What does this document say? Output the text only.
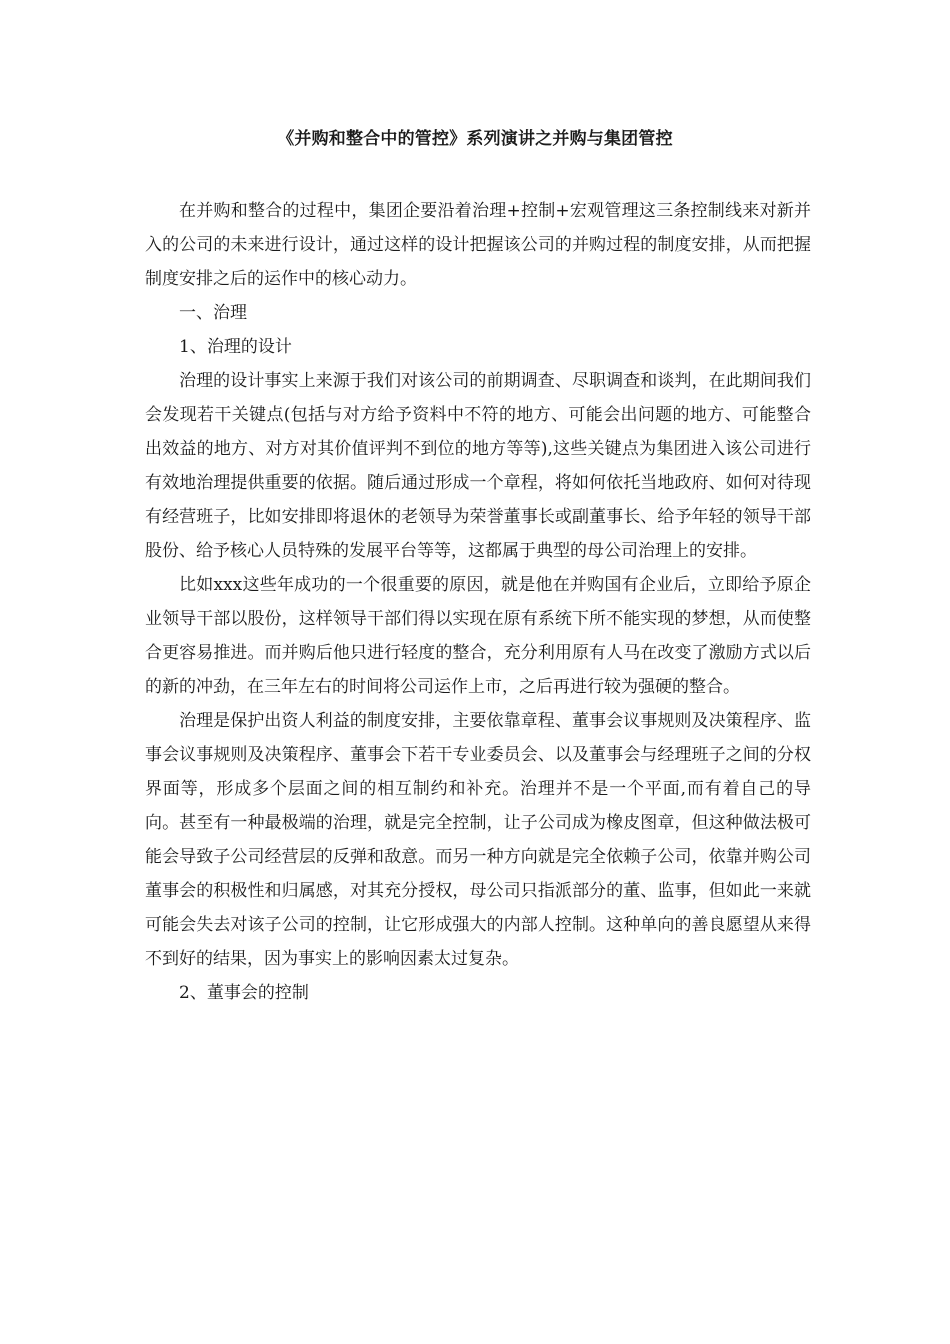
《并购和整合中的管控》系列演讲之并购与集团管控

在并购和整合的过程中，集团企要沿着治理+控制+宏观管理这三条控制线来对新并入的公司的未来进行设计，通过这样的设计把握该公司的并购过程的制度安排，从而把握制度安排之后的运作中的核心动力。

一、治理

1、治理的设计

治理的设计事实上来源于我们对该公司的前期调查、尽职调查和谈判，在此期间我们会发现若干关键点(包括与对方给予资料中不符的地方、可能会出问题的地方、可能整合出效益的地方、对方对其价值评判不到位的地方等等),这些关键点为集团进入该公司进行有效地治理提供重要的依据。随后通过形成一个章程，将如何依托当地政府、如何对待现有经营班子，比如安排即将退休的老领导为荣誉董事长或副董事长、给予年轻的领导干部股份、给予核心人员特殊的发展平台等等，这都属于典型的母公司治理上的安排。

比如xxx这些年成功的一个很重要的原因，就是他在并购国有企业后，立即给予原企业领导干部以股份，这样领导干部们得以实现在原有系统下所不能实现的梦想，从而使整合更容易推进。而并购后他只进行轻度的整合，充分利用原有人马在改变了激励方式以后的新的冲劲，在三年左右的时间将公司运作上市，之后再进行较为强硬的整合。

治理是保护出资人利益的制度安排，主要依靠章程、董事会议事规则及决策程序、监事会议事规则及决策程序、董事会下若干专业委员会、以及董事会与经理班子之间的分权界面等，形成多个层面之间的相互制约和补充。治理并不是一个平面,而有着自己的导向。甚至有一种最极端的治理，就是完全控制，让子公司成为橡皮图章，但这种做法极可能会导致子公司经营层的反弹和敌意。而另一种方向就是完全依赖子公司，依靠并购公司董事会的积极性和归属感，对其充分授权，母公司只指派部分的董、监事，但如此一来就可能会失去对该子公司的控制，让它形成强大的内部人控制。这种单向的善良愿望从来得不到好的结果，因为事实上的影响因素太过复杂。

2、董事会的控制
